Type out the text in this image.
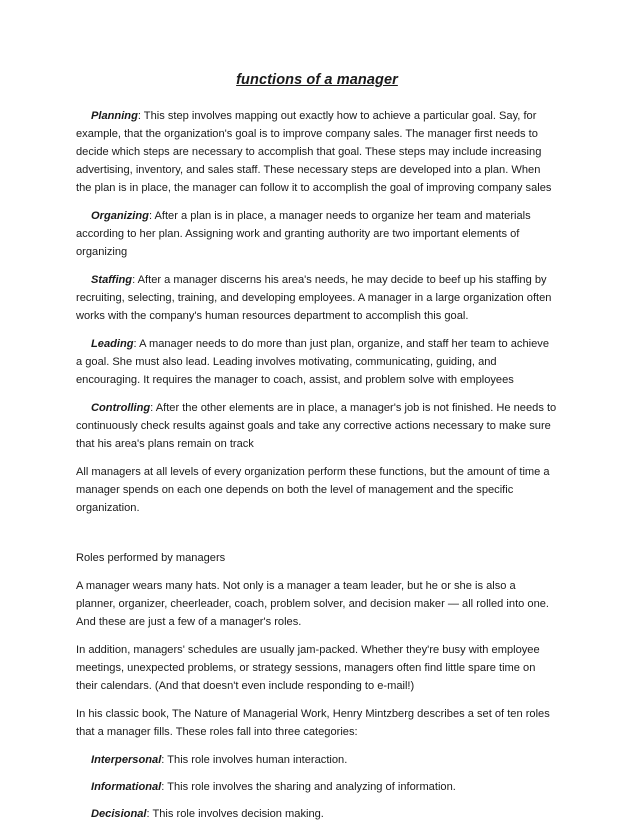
functions of a manager

Planning: This step involves mapping out exactly how to achieve a particular goal. Say, for example, that the organization's goal is to improve company sales. The manager first needs to decide which steps are necessary to accomplish that goal. These steps may include increasing advertising, inventory, and sales staff. These necessary steps are developed into a plan. When the plan is in place, the manager can follow it to accomplish the goal of improving company sales

Organizing: After a plan is in place, a manager needs to organize her team and materials according to her plan. Assigning work and granting authority are two important elements of organizing

Staffing: After a manager discerns his area's needs, he may decide to beef up his staffing by recruiting, selecting, training, and developing employees. A manager in a large organization often works with the company's human resources department to accomplish this goal.

Leading: A manager needs to do more than just plan, organize, and staff her team to achieve a goal. She must also lead. Leading involves motivating, communicating, guiding, and encouraging. It requires the manager to coach, assist, and problem solve with employees

Controlling: After the other elements are in place, a manager's job is not finished. He needs to continuously check results against goals and take any corrective actions necessary to make sure that his area's plans remain on track

All managers at all levels of every organization perform these functions, but the amount of time a manager spends on each one depends on both the level of management and the specific organization.

Roles performed by managers

A manager wears many hats. Not only is a manager a team leader, but he or she is also a planner, organizer, cheerleader, coach, problem solver, and decision maker — all rolled into one. And these are just a few of a manager's roles.

In addition, managers' schedules are usually jam-packed. Whether they're busy with employee meetings, unexpected problems, or strategy sessions, managers often find little spare time on their calendars. (And that doesn't even include responding to e-mail!)

In his classic book, The Nature of Managerial Work, Henry Mintzberg describes a set of ten roles that a manager fills. These roles fall into three categories:

Interpersonal: This role involves human interaction.

Informational: This role involves the sharing and analyzing of information.

Decisional: This role involves decision making.
